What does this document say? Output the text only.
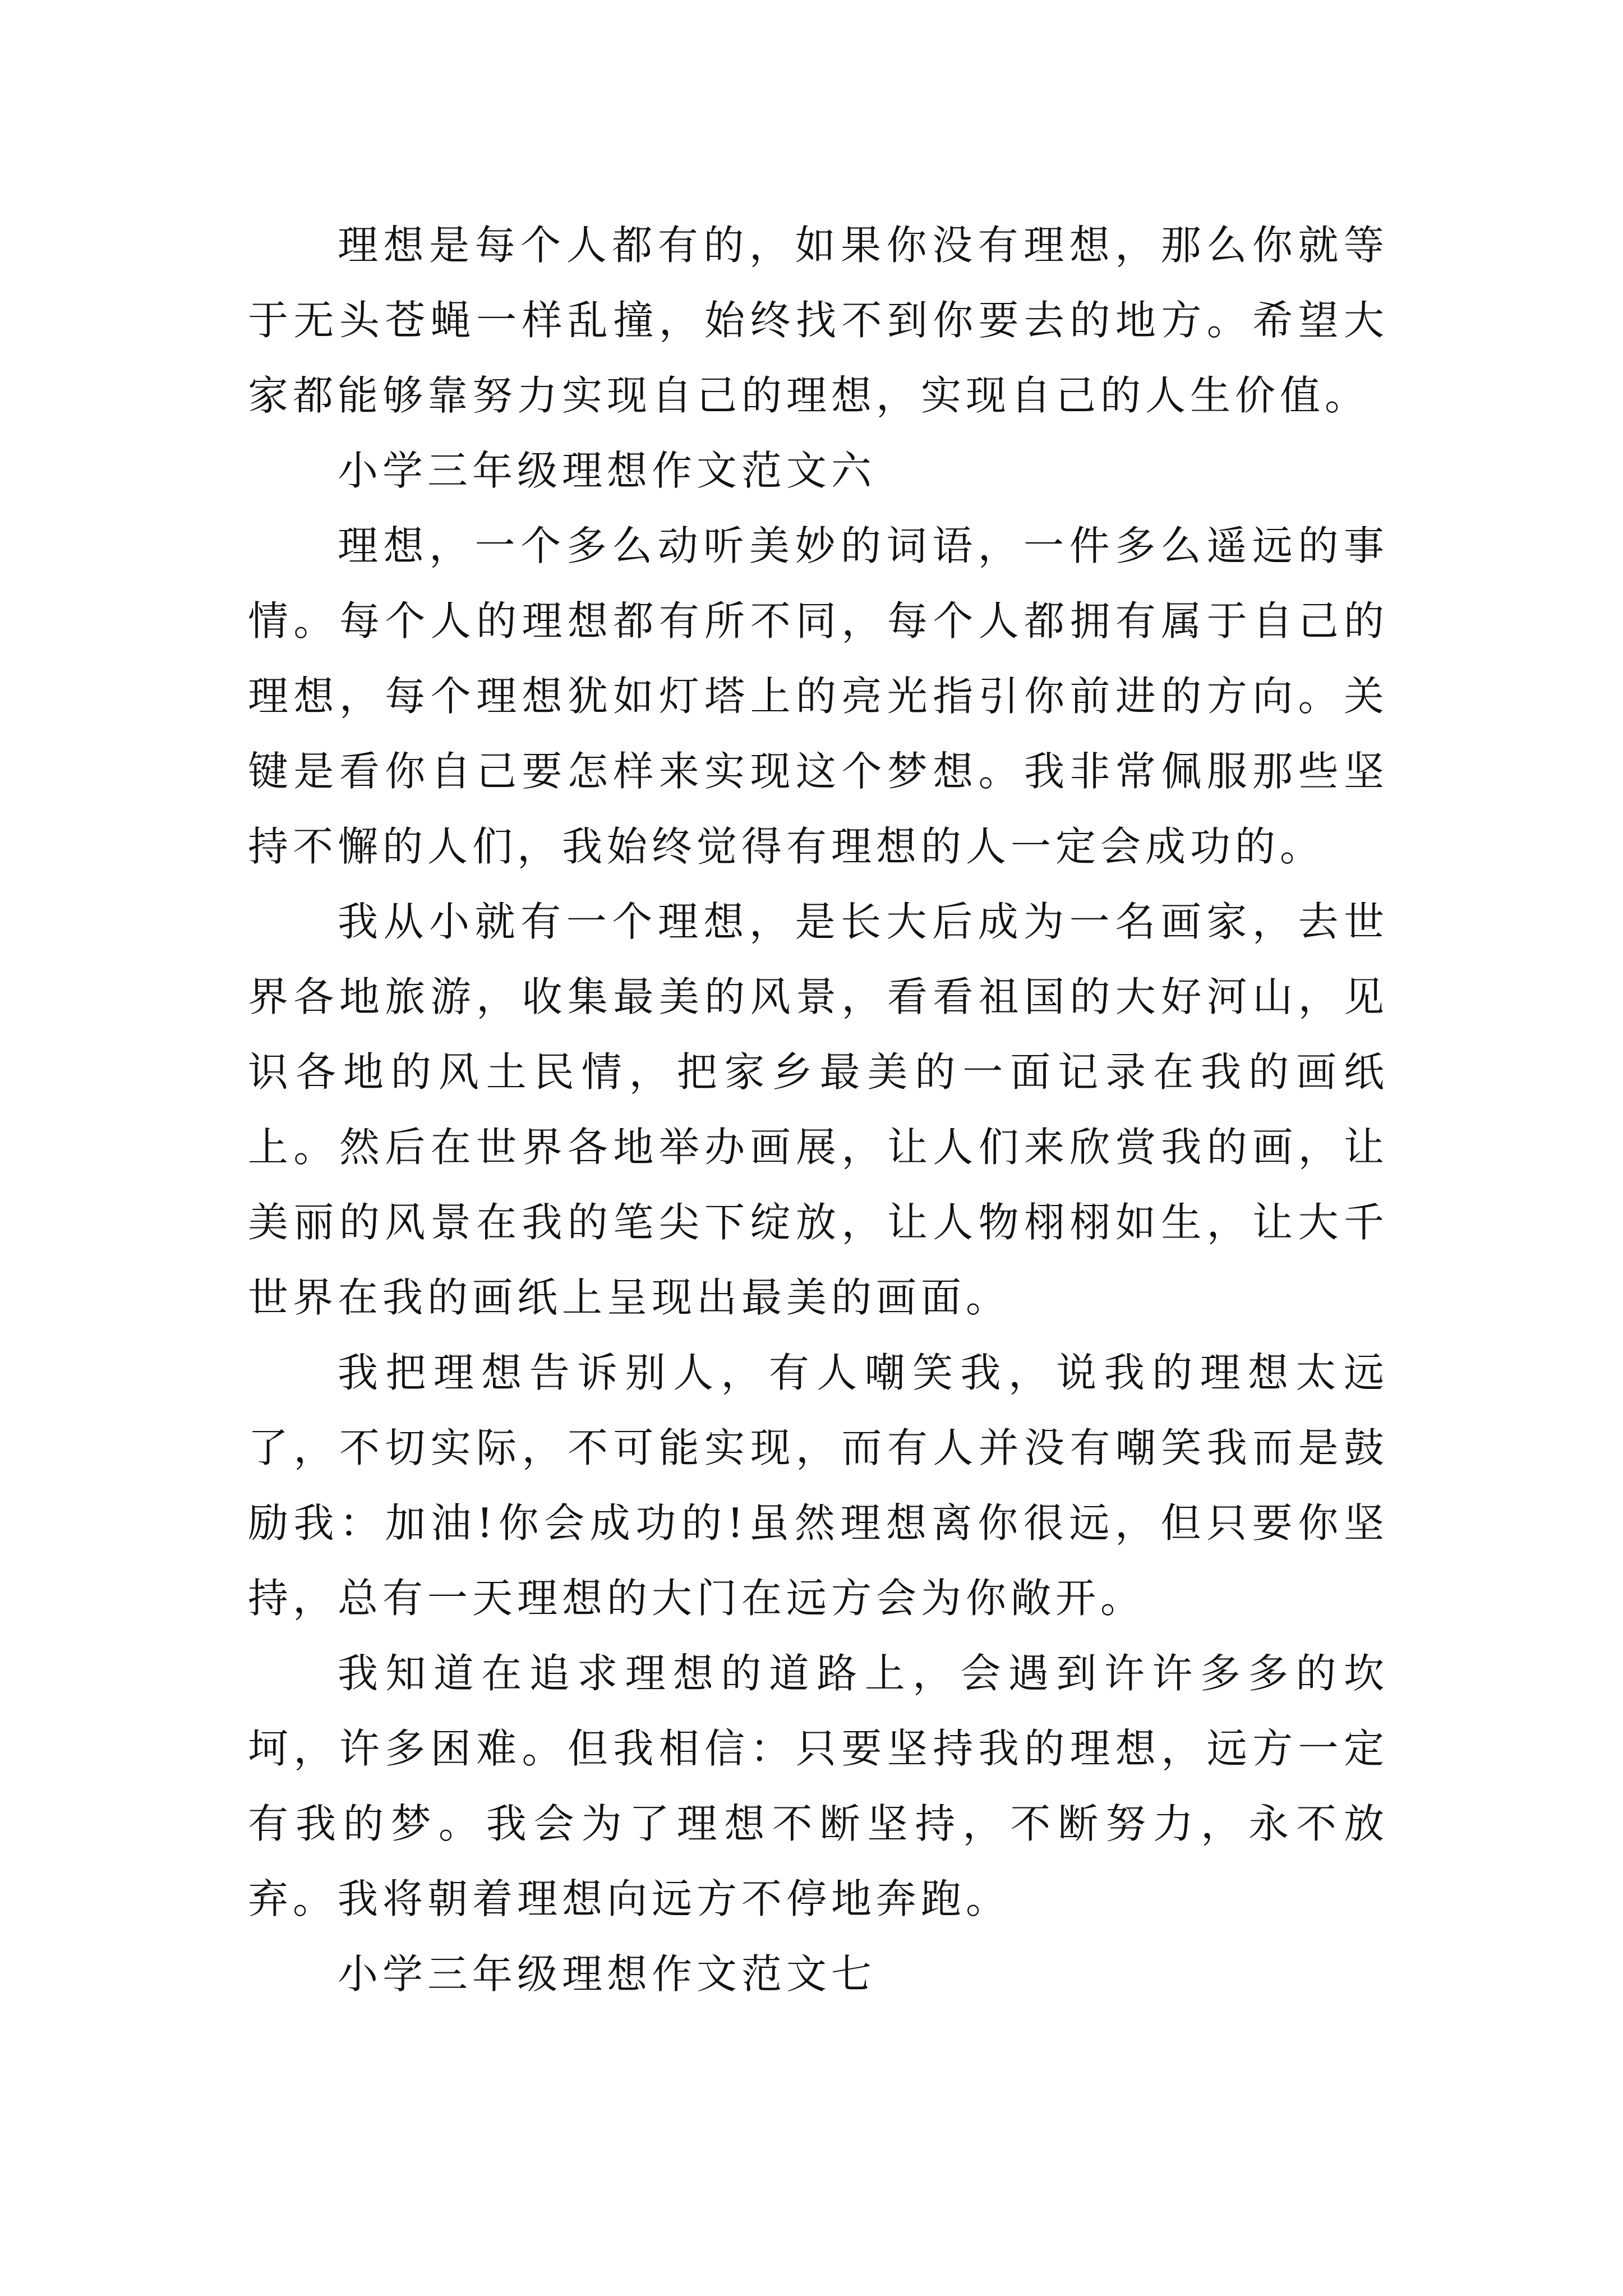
理想是每个人都有的，如果你没有理想，那么你就等于无头苍蝇一样乱撞，始终找不到你要去的地方。希望大家都能够靠努力实现自己的理想，实现自己的人生价值。

小学三年级理想作文范文六

理想，一个多么动听美妙的词语，一件多么遥远的事情。每个人的理想都有所不同，每个人都拥有属于自己的理想，每个理想犹如灯塔上的亮光指引你前进的方向。关键是看你自己要怎样来实现这个梦想。我非常佩服那些坚持不懈的人们，我始终觉得有理想的人一定会成功的。

我从小就有一个理想，是长大后成为一名画家，去世界各地旅游，收集最美的风景，看看祖国的大好河山，见识各地的风土民情，把家乡最美的一面记录在我的画纸上。然后在世界各地举办画展，让人们来欣赏我的画，让美丽的风景在我的笔尖下绽放，让人物栩栩如生，让大千世界在我的画纸上呈现出最美的画面。

我把理想告诉别人，有人嘲笑我，说我的理想太远了，不切实际，不可能实现，而有人并没有嘲笑我而是鼓励我：加油!你会成功的!虽然理想离你很远，但只要你坚持，总有一天理想的大门在远方会为你敞开。

我知道在追求理想的道路上，会遇到许许多多的坎坷，许多困难。但我相信：只要坚持我的理想，远方一定有我的梦。我会为了理想不断坚持，不断努力，永不放弃。我将朝着理想向远方不停地奔跑。

小学三年级理想作文范文七
